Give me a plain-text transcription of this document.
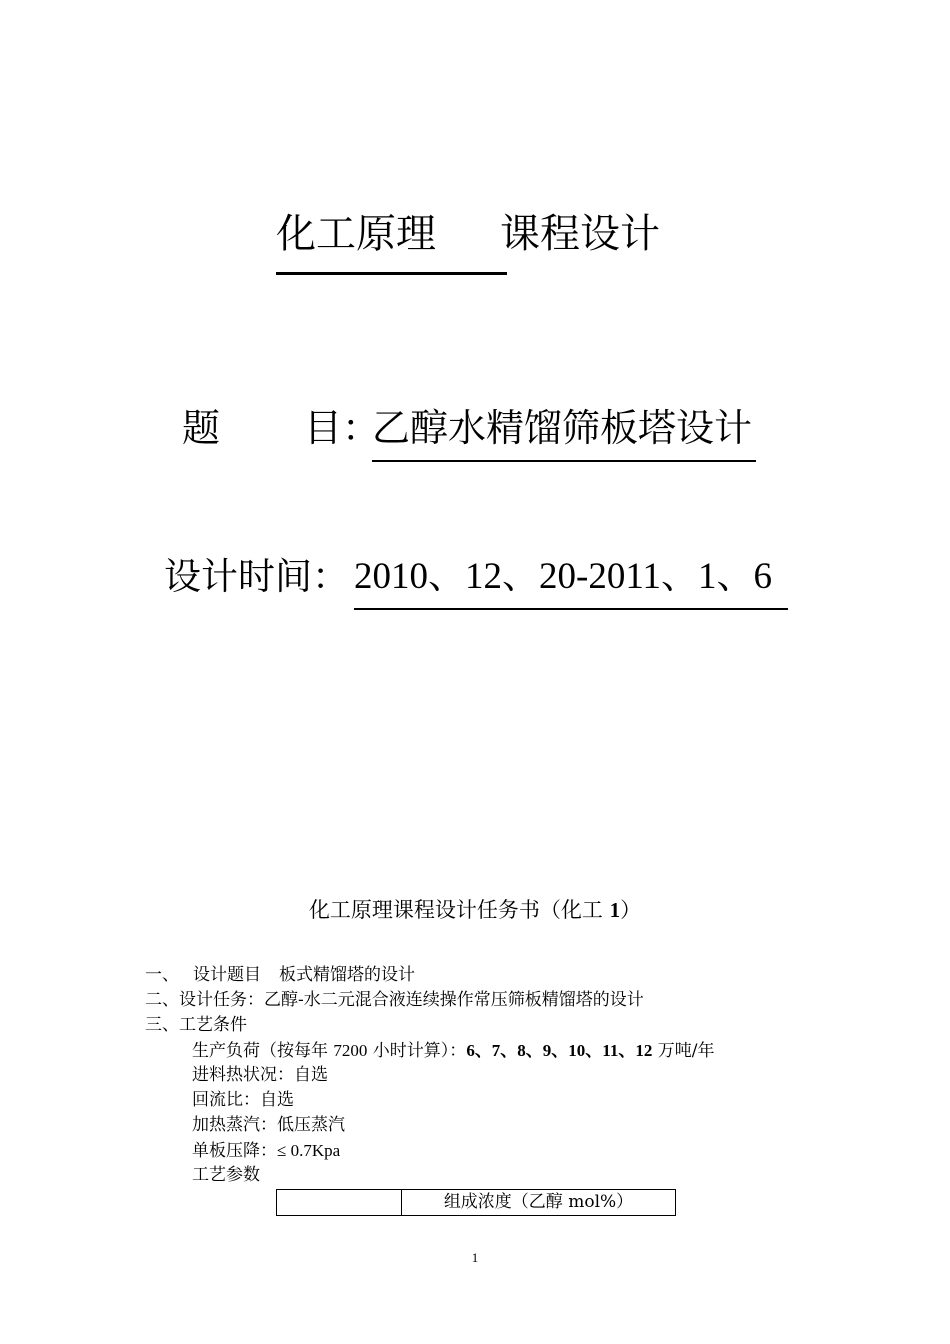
化工原理 课程设计
题 目：
乙醇水精馏筛板塔设计
设计时间： 2010、12、20-2011、1、6
化工原理课程设计任务书（化工 1）
一、 设计题目 板式精馏塔的设计
二、设计任务：乙醇-水二元混合液连续操作常压筛板精馏塔的设计
三、工艺条件
生产负荷（按每年 7200 小时计算）：6、7、8、9、10、11、12 万吨/年
进料热状况：自选
回流比：自选
加热蒸汽：低压蒸汽
单板压降：≤ 0.7Kpa
工艺参数
组成浓度（乙醇 mol%）
1
